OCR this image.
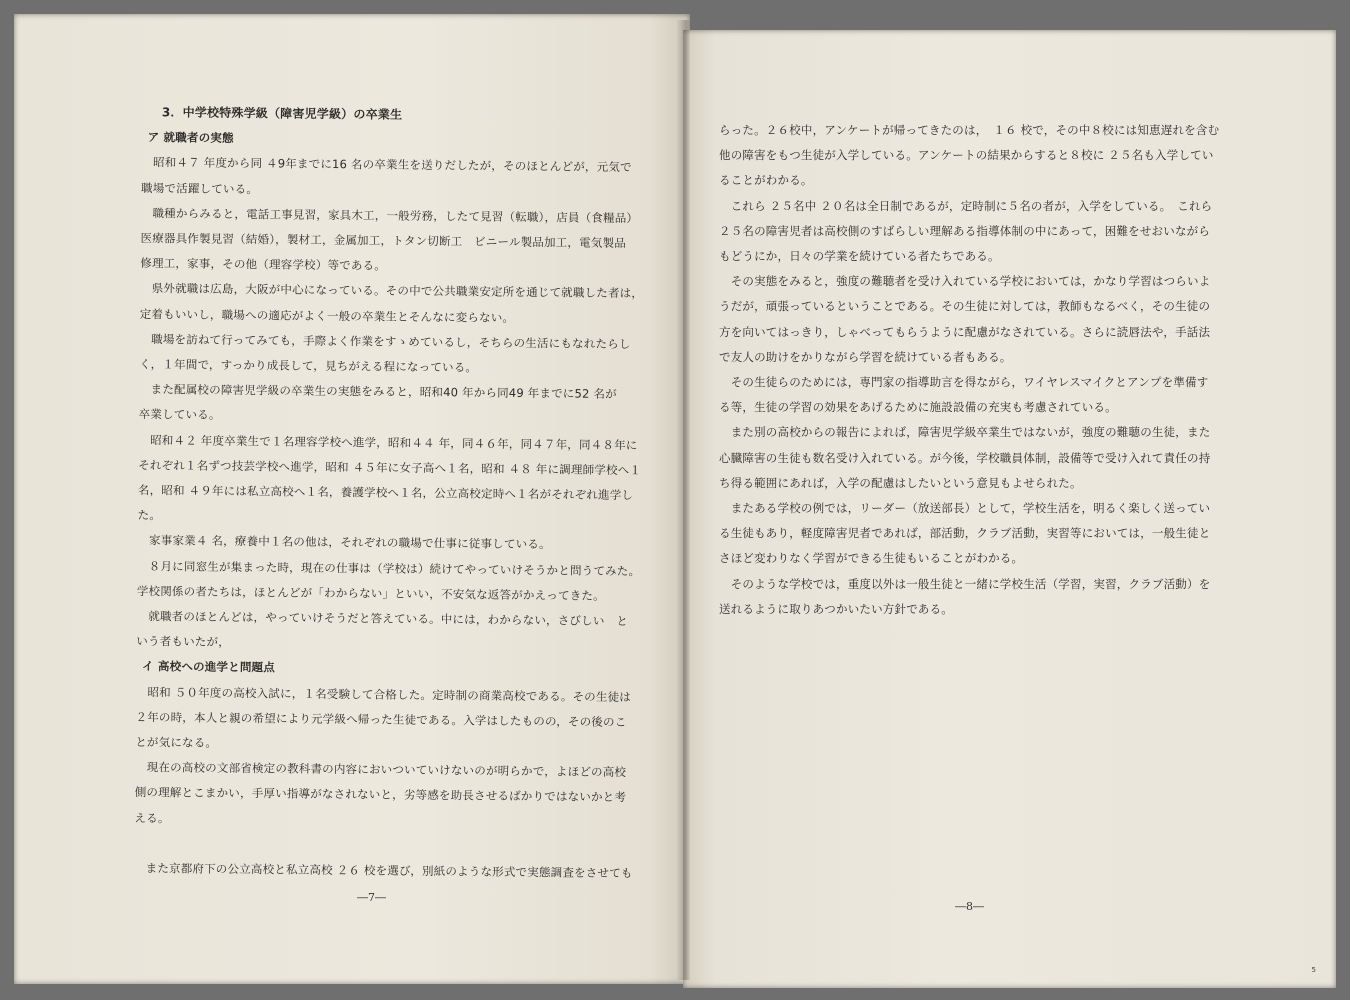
3．中学校特殊学級（障害児学級）の卒業生
ア 就職者の実態
　昭和４７ 年度から同 ４9年までに16 名の卒業生を送りだしたが，そのほとんどが，元気で
職場で活躍している。
　職種からみると，電話工事見習，家具木工，一般労務，したて見習（転職），店員（食糧品）
医療器具作製見習（結婚），製材工，金属加工，トタン切断工　ビニール製品加工，電気製品
修理工，家事，その他（理容学校）等である。
　県外就職は広島，大阪が中心になっている。その中で公共職業安定所を通じて就職した者は，
定着もいいし，職場への適応がよく一般の卒業生とそんなに変らない。
　職場を訪ねて行ってみても，手際よく作業をすゝめているし，そちらの生活にもなれたらし
く，１年間で，すっかり成長して，見ちがえる程になっている。
　また配属校の障害児学級の卒業生の実態をみると，昭和40 年から同49 年までに52 名が
卒業している。
　昭和４２ 年度卒業生で１名理容学校へ進学，昭和４４ 年，同４６年，同４７年，同４８年に
それぞれ１名ずつ技芸学校へ進学，昭和 ４５年に女子高へ１名，昭和 ４８ 年に調理師学校へ１
名，昭和 ４９年には私立高校へ１名，養護学校へ１名，公立高校定時へ１名がそれぞれ進学し
た。
　家事家業４ 名，療養中１名の他は，それぞれの職場で仕事に従事している。
　８月に同窓生が集まった時，現在の仕事は（学校は）続けてやっていけそうかと問うてみた。
学校関係の者たちは，ほとんどが「わからない」といい，不安気な返答がかえってきた。
　就職者のほとんどは，やっていけそうだと答えている。中には，わからない，さびしい　と
いう者もいたが，
イ 高校への進学と問題点
　昭和 ５０年度の高校入試に，１名受験して合格した。定時制の商業高校である。その生徒は
２年の時，本人と親の希望により元学級へ帰った生徒である。入学はしたものの，その後のこ
とが気になる。
　現在の高校の文部省検定の教科書の内容においついていけないのが明らかで，よほどの高校
側の理解とこまかい，手厚い指導がなされないと，劣等感を助長させるばかりではないかと考
える。

　また京都府下の公立高校と私立高校 ２６ 校を選び，別紙のような形式で実態調査をさせても
―7―
らった。２６校中，アンケートが帰ってきたのは，　１６ 校で，その中８校には知恵遅れを含む
他の障害をもつ生徒が入学している。アンケートの結果からすると８校に ２５名も入学してい
ることがわかる。
　これら ２５名中 ２０名は全日制であるが，定時制に５名の者が，入学をしている。　これら
２５名の障害児者は高校側のすばらしい理解ある指導体制の中にあって，困難をせおいながら
もどうにか，日々の学業を続けている者たちである。
　その実態をみると，強度の難聴者を受け入れている学校においては，かなり学習はつらいよ
うだが，頑張っているということである。その生徒に対しては，教師もなるべく，その生徒の
方を向いてはっきり，しゃべってもらうように配慮がなされている。さらに読唇法や，手話法
で友人の助けをかりながら学習を続けている者もある。
　その生徒らのためには，専門家の指導助言を得ながら，ワイヤレスマイクとアンプを準備す
る等，生徒の学習の効果をあげるために施設設備の充実も考慮されている。
　また別の高校からの報告によれば，障害児学級卒業生ではないが，強度の難聴の生徒，また
心臓障害の生徒も数名受け入れている。が今後，学校職員体制，設備等で受け入れて責任の持
ち得る範囲にあれば，入学の配慮はしたいという意見もよせられた。
　またある学校の例では，リーダー（放送部長）として，学校生活を，明るく楽しく送ってい
る生徒もあり，軽度障害児者であれば，部活動，クラブ活動，実習等においては，一般生徒と
さほど変わりなく学習ができる生徒もいることがわかる。
　そのような学校では，重度以外は一般生徒と一緒に学校生活（学習，実習，クラブ活動）を
送れるように取りあつかいたい方針である。
―8―
5
